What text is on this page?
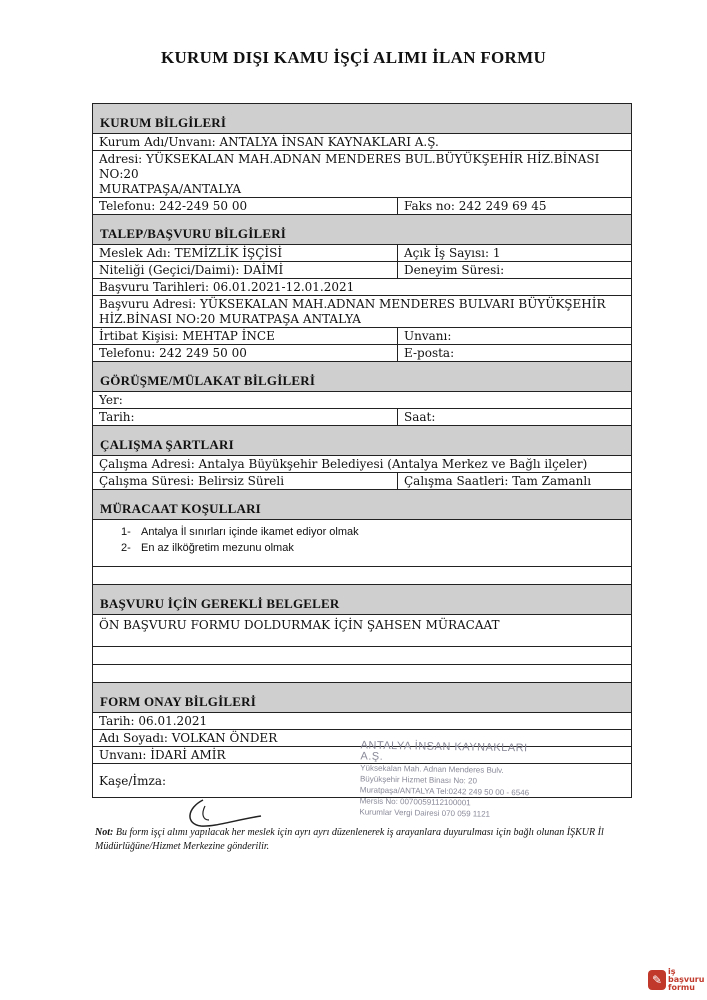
KURUM DIŞI KAMU İŞÇİ ALIMI İLAN FORMU
KURUM BİLGİLERİ
Kurum Adı/Unvanı: ANTALYA İNSAN KAYNAKLARI A.Ş.
Adresi: YÜKSEKALAN MAH.ADNAN MENDERES BUL.BÜYÜKŞEHİR HİZ.BİNASI NO:20
MURATPAŞA/ANTALYA
Telefonu: 242-249 50 00	Faks no: 242 249 69 45
TALEP/BAŞVURU BİLGİLERİ
Meslek Adı: TEMİZLİK İŞÇİSİ	Açık İş Sayısı: 1
Niteliği (Geçici/Daimi): DAİMİ	Deneyim Süresi:
Başvuru Tarihleri: 06.01.2021-12.01.2021
Başvuru Adresi: YÜKSEKALAN MAH.ADNAN MENDERES BULVARI BÜYÜKŞEHİR
HİZ.BİNASI NO:20 MURATPAŞA ANTALYA
İrtibat Kişisi: MEHTAP İNCE	Unvanı:
Telefonu: 242 249 50 00	E-posta:
GÖRÜŞME/MÜLAKAT BİLGİLERİ
Yer:
Tarih:	Saat:
ÇALIŞMA ŞARTLARI
Çalışma Adresi: Antalya Büyükşehir Belediyesi (Antalya Merkez ve Bağlı ilçeler)
Çalışma Süresi: Belirsiz Süreli	Çalışma Saatleri: Tam Zamanlı
MÜRACAAT KOŞULLARI
1- Antalya İl sınırları içinde ikamet ediyor olmak
2- En az ilköğretim mezunu olmak
BAŞVURU İÇİN GEREKLİ BELGELER
ÖN BAŞVURU FORMU DOLDURMAK İÇİN ŞAHSEN MÜRACAAT
FORM ONAY BİLGİLERİ
Tarih: 06.01.2021
Adı Soyadı: VOLKAN ÖNDER
Unvanı: İDARİ AMİR
Kaşe/İmza:
ANTALYA İNSAN KAYNAKLARI A.Ş.
Yüksekalan Mah. Adnan Menderes Bulv.
Büyükşehir Hizmet Binası No: 20
Muratpaşa/ANTALYA Tel:0242 249 50 00 - 6546
Mersis No: 0070059112100001
Kurumlar Vergi Dairesi 070 059 1121
Not: Bu form işçi alımı yapılacak her meslek için ayrı ayrı düzenlenerek iş arayanlara duyurulması için bağlı olunan İŞKUR İl Müdürlüğüne/Hizmet Merkezine gönderilir.
✎
iş
başvuru
formu
